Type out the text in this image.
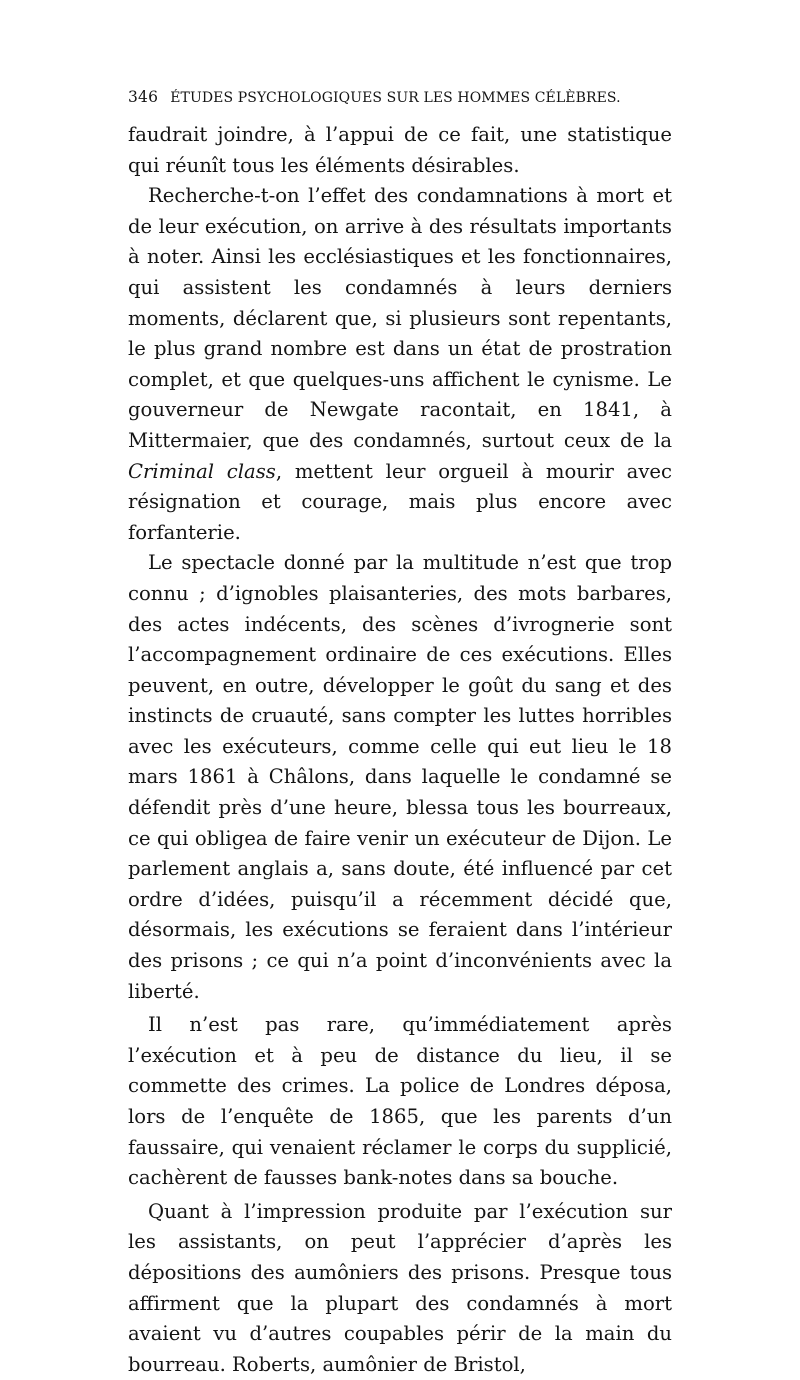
346 ÉTUDES PSYCHOLOGIQUES SUR LES HOMMES CÉLÈBRES.

faudrait joindre, à l’appui de ce fait, une statistique qui réunît tous les éléments désirables.

Recherche-t-on l’effet des condamnations à mort et de leur exécution, on arrive à des résultats importants à noter. Ainsi les ecclésiastiques et les fonctionnaires, qui assistent les condamnés à leurs derniers moments, déclarent que, si plusieurs sont repentants, le plus grand nombre est dans un état de prostration complet, et que quelques-uns affichent le cynisme. Le gouverneur de Newgate racontait, en 1841, à Mittermaier, que des condamnés, surtout ceux de la Criminal class, mettent leur orgueil à mourir avec résignation et courage, mais plus encore avec forfanterie.

Le spectacle donné par la multitude n’est que trop connu ; d’ignobles plaisanteries, des mots barbares, des actes indécents, des scènes d’ivrognerie sont l’accompagnement ordinaire de ces exécutions. Elles peuvent, en outre, développer le goût du sang et des instincts de cruauté, sans compter les luttes horribles avec les exécuteurs, comme celle qui eut lieu le 18 mars 1861 à Châlons, dans laquelle le condamné se défendit près d’une heure, blessa tous les bourreaux, ce qui obligea de faire venir un exécuteur de Dijon. Le parlement anglais a, sans doute, été influencé par cet ordre d’idées, puisqu’il a récemment décidé que, désormais, les exécutions se feraient dans l’intérieur des prisons ; ce qui n’a point d’inconvénients avec la liberté.

Il n’est pas rare, qu’immédiatement après l’exécution et à peu de distance du lieu, il se commette des crimes. La police de Londres déposa, lors de l’enquête de 1865, que les parents d’un faussaire, qui venaient réclamer le corps du supplicié, cachèrent de fausses bank-notes dans sa bouche.

Quant à l’impression produite par l’exécution sur les assistants, on peut l’apprécier d’après les dépositions des aumôniers des prisons. Presque tous affirment que la plupart des condamnés à mort avaient vu d’autres coupables périr de la main du bourreau. Roberts, aumônier de Bristol,
